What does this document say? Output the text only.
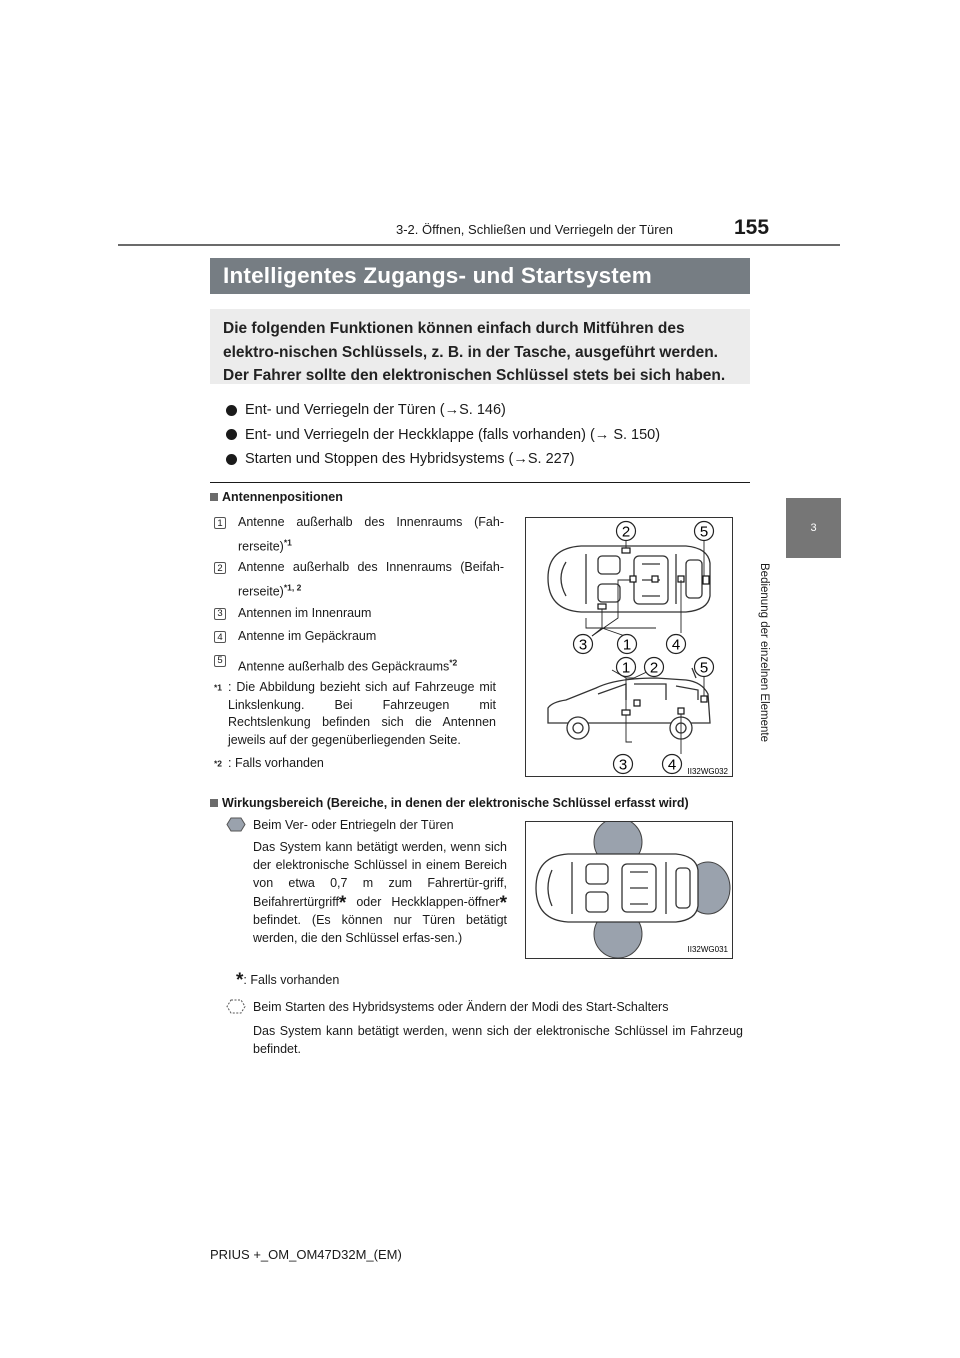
3-2. Öffnen, Schließen und Verriegeln der Türen	155
3
Bedienung der einzelnen Elemente
Intelligentes Zugangs- und Startsystem
Die folgenden Funktionen können einfach durch Mitführen des elektro-nischen Schlüssels, z. B. in der Tasche, ausgeführt werden. Der Fahrer sollte den elektronischen Schlüssel stets bei sich haben.
Ent- und Verriegeln der Türen (→S. 146)
Ent- und Verriegeln der Heckklappe (falls vorhanden) (→ S. 150)
Starten und Stoppen des Hybridsystems (→S. 227)
Antennenpositionen
1 Antenne außerhalb des Innenraums (Fah-rerseite)$^{*1}$
2 Antenne außerhalb des Innenraums (Beifah-rerseite)$^{*1, 2}$
3 Antennen im Innenraum
4 Antenne im Gepäckraum
5 Antenne außerhalb des Gepäckraums$^{*2}$
$^{*1}$ : Die Abbildung bezieht sich auf Fahrzeuge mit Linkslenkung. Bei Fahrzeugen mit Rechtslenkung befinden sich die Antennen jeweils auf der gegenüberliegenden Seite.
$^{*2}$ : Falls vorhanden
2	5
3 1	4
1 2	5
3	4 II32WG032
Wirkungsbereich (Bereiche, in denen der elektronische Schlüssel erfasst wird)
Beim Ver- oder Entriegeln der Türen
Das System kann betätigt werden, wenn sich der elektronische Schlüssel in einem Bereich von etwa 0,7 m zum Fahrertür-griff, Beifahrertürgriff* oder Heckklappen-öffner* befindet. (Es können nur Türen betätigt werden, die den Schlüssel erfas-sen.)
*: Falls vorhanden
II32WG031
Beim Starten des Hybridsystems oder Ändern der Modi des Start-Schalters
Das System kann betätigt werden, wenn sich der elektronische Schlüssel im Fahrzeug befindet.
PRIUS +_OM_OM47D32M_(EM)
